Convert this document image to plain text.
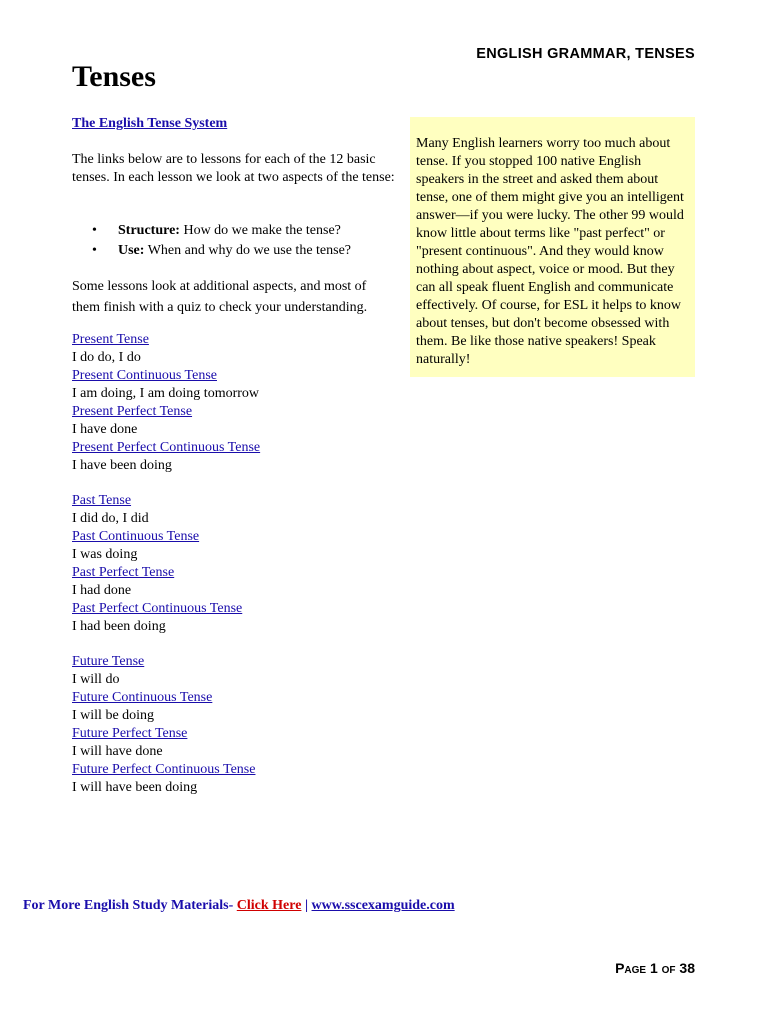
ENGLISH GRAMMAR, TENSES
Tenses
The English Tense System

The links below are to lessons for each of the 12 basic tenses. In each lesson we look at two aspects of the tense:

• Structure: How do we make the tense?
• Use: When and why do we use the tense?

Some lessons look at additional aspects, and most of them finish with a quiz to check your understanding.

Present Tense
I do do, I do
Present Continuous Tense
I am doing, I am doing tomorrow
Present Perfect Tense
I have done
Present Perfect Continuous Tense
I have been doing
Past Tense
I did do, I did
Past Continuous Tense
I was doing
Past Perfect Tense
I had done
Past Perfect Continuous Tense
I had been doing
Future Tense
I will do
Future Continuous Tense
I will be doing
Future Perfect Tense
I will have done
Future Perfect Continuous Tense
I will have been doing
Many English learners worry too much about tense. If you stopped 100 native English speakers in the street and asked them about tense, one of them might give you an intelligent answer—if you were lucky. The other 99 would know little about terms like "past perfect" or "present continuous". And they would know nothing about aspect, voice or mood. But they can all speak fluent English and communicate effectively. Of course, for ESL it helps to know about tenses, but don't become obsessed with them. Be like those native speakers! Speak naturally!
For More English Study Materials- Click Here | www.sscexamguide.com
Page 1 of 38
